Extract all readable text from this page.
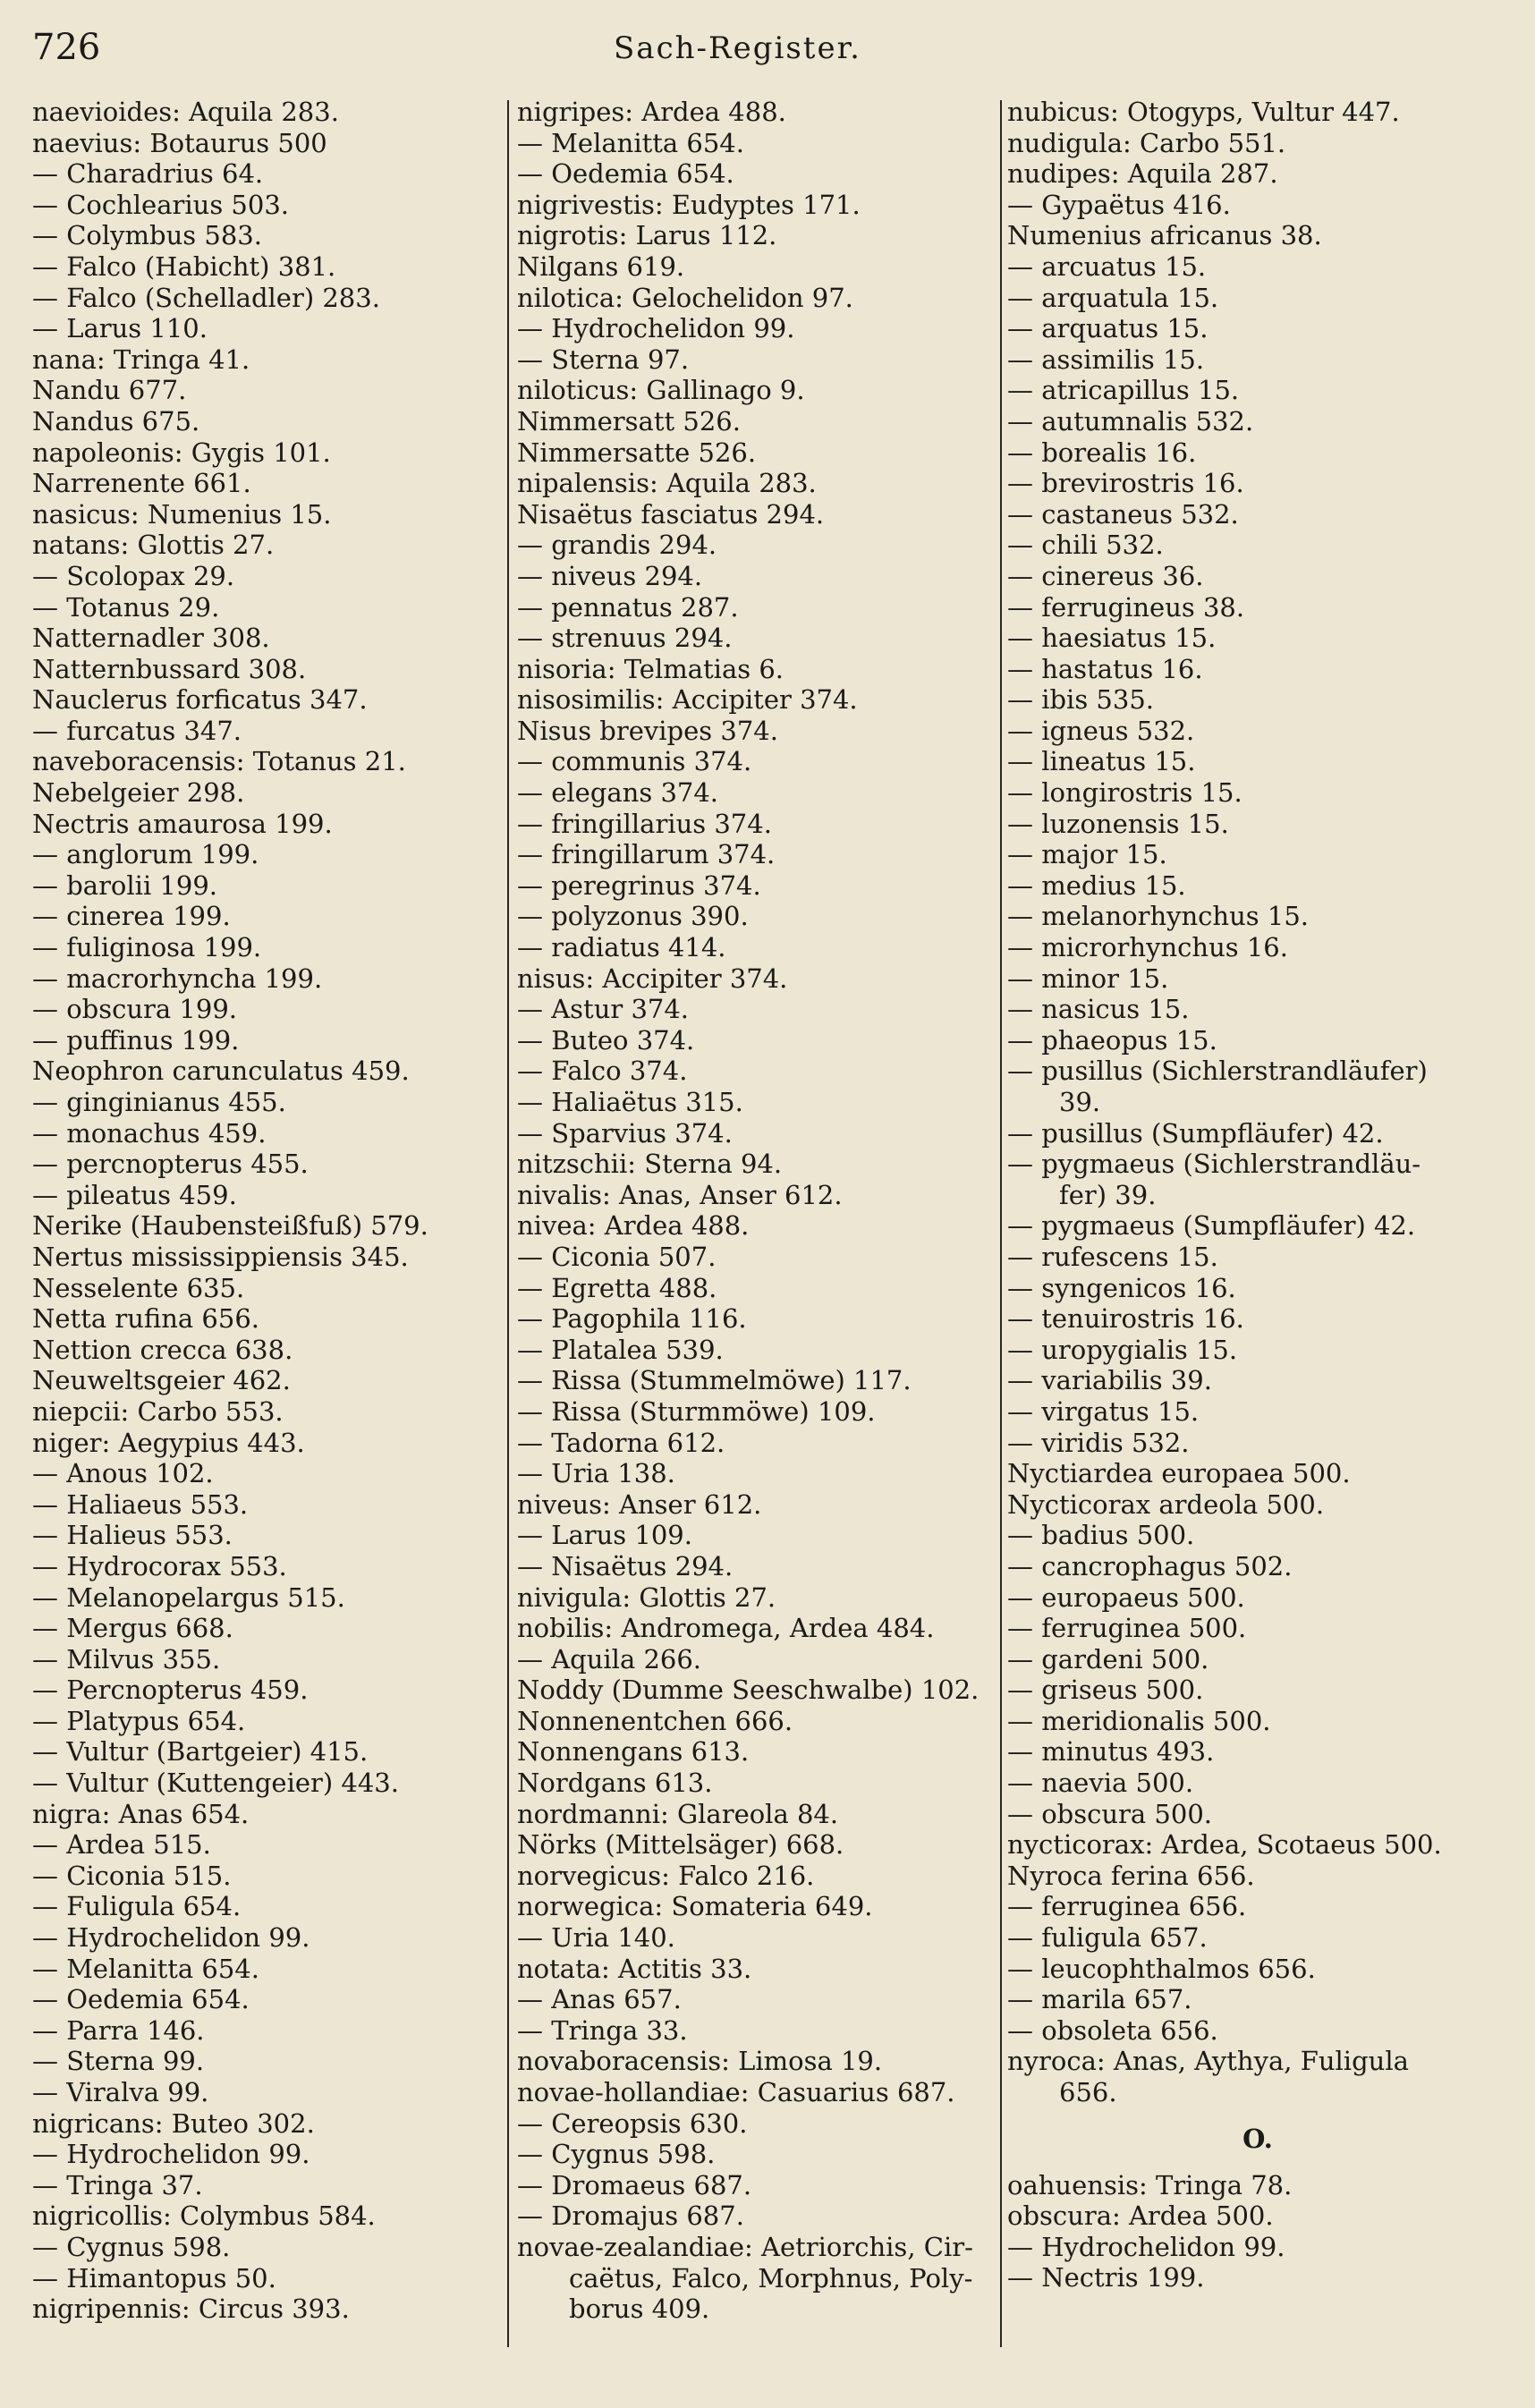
726	Sach-Register.
naevioides: Aquila 283.
naevius: Botaurus 500
— Charadrius 64.
— Cochlearius 503.
— Colymbus 583.
— Falco (Habicht) 381.
— Falco (Schelladler) 283.
— Larus 110.
nana: Tringa 41.
Nandu 677.
Nandus 675.
napoleonis: Gygis 101.
Narrenente 661.
nasicus: Numenius 15.
natans: Glottis 27.
— Scolopax 29.
— Totanus 29.
Natternadler 308.
Natternbussard 308.
Nauclerus forficatus 347.
— furcatus 347.
naveboracensis: Totanus 21.
Nebelgeier 298.
Nectris amaurosa 199.
— anglorum 199.
— barolii 199.
— cinerea 199.
— fuliginosa 199.
— macrorhyncha 199.
— obscura 199.
— puffinus 199.
Neophron carunculatus 459.
— ginginianus 455.
— monachus 459.
— percnopterus 455.
— pileatus 459.
Nerike (Haubensteißfuß) 579.
Nertus mississippiensis 345.
Nesselente 635.
Netta rufina 656.
Nettion crecca 638.
Neuweltsgeier 462.
niepcii: Carbo 553.
niger: Aegypius 443.
— Anous 102.
— Haliaeus 553.
— Halieus 553.
— Hydrocorax 553.
— Melanopelargus 515.
— Mergus 668.
— Milvus 355.
— Percnopterus 459.
— Platypus 654.
— Vultur (Bartgeier) 415.
— Vultur (Kuttengeier) 443.
nigra: Anas 654.
— Ardea 515.
— Ciconia 515.
— Fuligula 654.
— Hydrochelidon 99.
— Melanitta 654.
— Oedemia 654.
— Parra 146.
— Sterna 99.
— Viralva 99.
nigricans: Buteo 302.
— Hydrochelidon 99.
— Tringa 37.
nigricollis: Colymbus 584.
— Cygnus 598.
— Himantopus 50.
nigripennis: Circus 393.
nigripes: Ardea 488.
— Melanitta 654.
— Oedemia 654.
nigrivestis: Eudyptes 171.
nigrotis: Larus 112.
Nilgans 619.
nilotica: Gelochelidon 97.
— Hydrochelidon 99.
— Sterna 97.
niloticus: Gallinago 9.
Nimmersatt 526.
Nimmersatte 526.
nipalensis: Aquila 283.
Nisaëtus fasciatus 294.
— grandis 294.
— niveus 294.
— pennatus 287.
— strenuus 294.
nisoria: Telmatias 6.
nisosimilis: Accipiter 374.
Nisus brevipes 374.
— communis 374.
— elegans 374.
— fringillarius 374.
— fringillarum 374.
— peregrinus 374.
— polyzonus 390.
— radiatus 414.
nisus: Accipiter 374.
— Astur 374.
— Buteo 374.
— Falco 374.
— Haliaëtus 315.
— Sparvius 374.
nitzschii: Sterna 94.
nivalis: Anas, Anser 612.
nivea: Ardea 488.
— Ciconia 507.
— Egretta 488.
— Pagophila 116.
— Platalea 539.
— Rissa (Stummelmöwe) 117.
— Rissa (Sturmmöwe) 109.
— Tadorna 612.
— Uria 138.
niveus: Anser 612.
— Larus 109.
— Nisaëtus 294.
nivigula: Glottis 27.
nobilis: Andromega, Ardea 484.
— Aquila 266.
Noddy (Dumme Seeschwalbe) 102.
Nonnenentchen 666.
Nonnengans 613.
Nordgans 613.
nordmanni: Glareola 84.
Nörks (Mittelsäger) 668.
norvegicus: Falco 216.
norwegica: Somateria 649.
— Uria 140.
notata: Actitis 33.
— Anas 657.
— Tringa 33.
novaboracensis: Limosa 19.
novae-hollandiae: Casuarius 687.
— Cereopsis 630.
— Cygnus 598.
— Dromaeus 687.
— Dromajus 687.
novae-zealandiae: Aetriorchis, Cir-
caëtus, Falco, Morphnus, Poly-
borus 409.
nubicus: Otogyps, Vultur 447.
nudigula: Carbo 551.
nudipes: Aquila 287.
— Gypaëtus 416.
Numenius africanus 38.
— arcuatus 15.
— arquatula 15.
— arquatus 15.
— assimilis 15.
— atricapillus 15.
— autumnalis 532.
— borealis 16.
— brevirostris 16.
— castaneus 532.
— chili 532.
— cinereus 36.
— ferrugineus 38.
— haesiatus 15.
— hastatus 16.
— ibis 535.
— igneus 532.
— lineatus 15.
— longirostris 15.
— luzonensis 15.
— major 15.
— medius 15.
— melanorhynchus 15.
— microrhynchus 16.
— minor 15.
— nasicus 15.
— phaeopus 15.
— pusillus (Sichlerstrandläufer)
39.
— pusillus (Sumpfläufer) 42.
— pygmaeus (Sichlerstrandläu-
fer) 39.
— pygmaeus (Sumpfläufer) 42.
— rufescens 15.
— syngenicos 16.
— tenuirostris 16.
— uropygialis 15.
— variabilis 39.
— virgatus 15.
— viridis 532.
Nyctiardea europaea 500.
Nycticorax ardeola 500.
— badius 500.
— cancrophagus 502.
— europaeus 500.
— ferruginea 500.
— gardeni 500.
— griseus 500.
— meridionalis 500.
— minutus 493.
— naevia 500.
— obscura 500.
nycticorax: Ardea, Scotaeus 500.
Nyroca ferina 656.
— ferruginea 656.
— fuligula 657.
— leucophthalmos 656.
— marila 657.
— obsoleta 656.
nyroca: Anas, Aythya, Fuligula
656.
O.
oahuensis: Tringa 78.
obscura: Ardea 500.
— Hydrochelidon 99.
— Nectris 199.
